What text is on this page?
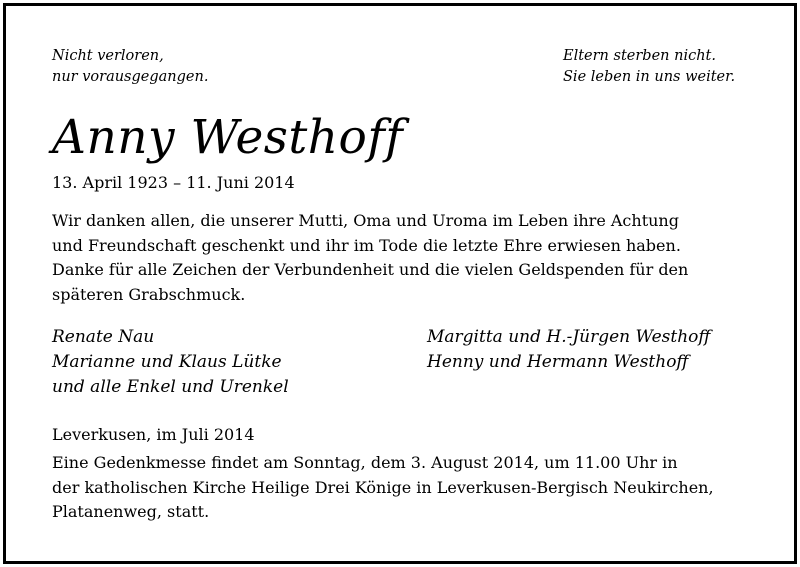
Nicht verloren,
nur vorausgegangen.
Eltern sterben nicht.
Sie leben in uns weiter.
Anny Westhoff
13. April 1923 – 11. Juni 2014
Wir danken allen, die unserer Mutti, Oma und Uroma im Leben ihre Achtung
und Freundschaft geschenkt und ihr im Tode die letzte Ehre erwiesen haben.
Danke für alle Zeichen der Verbundenheit und die vielen Geldspenden für den
späteren Grabschmuck.
Renate Nau
Marianne und Klaus Lütke
und alle Enkel und Urenkel
Margitta und H.-Jürgen Westhoff
Henny und Hermann Westhoff
Leverkusen, im Juli 2014
Eine Gedenkmesse findet am Sonntag, dem 3. August 2014, um 11.00 Uhr in
der katholischen Kirche Heilige Drei Könige in Leverkusen-Bergisch Neukirchen,
Platanenweg, statt.
